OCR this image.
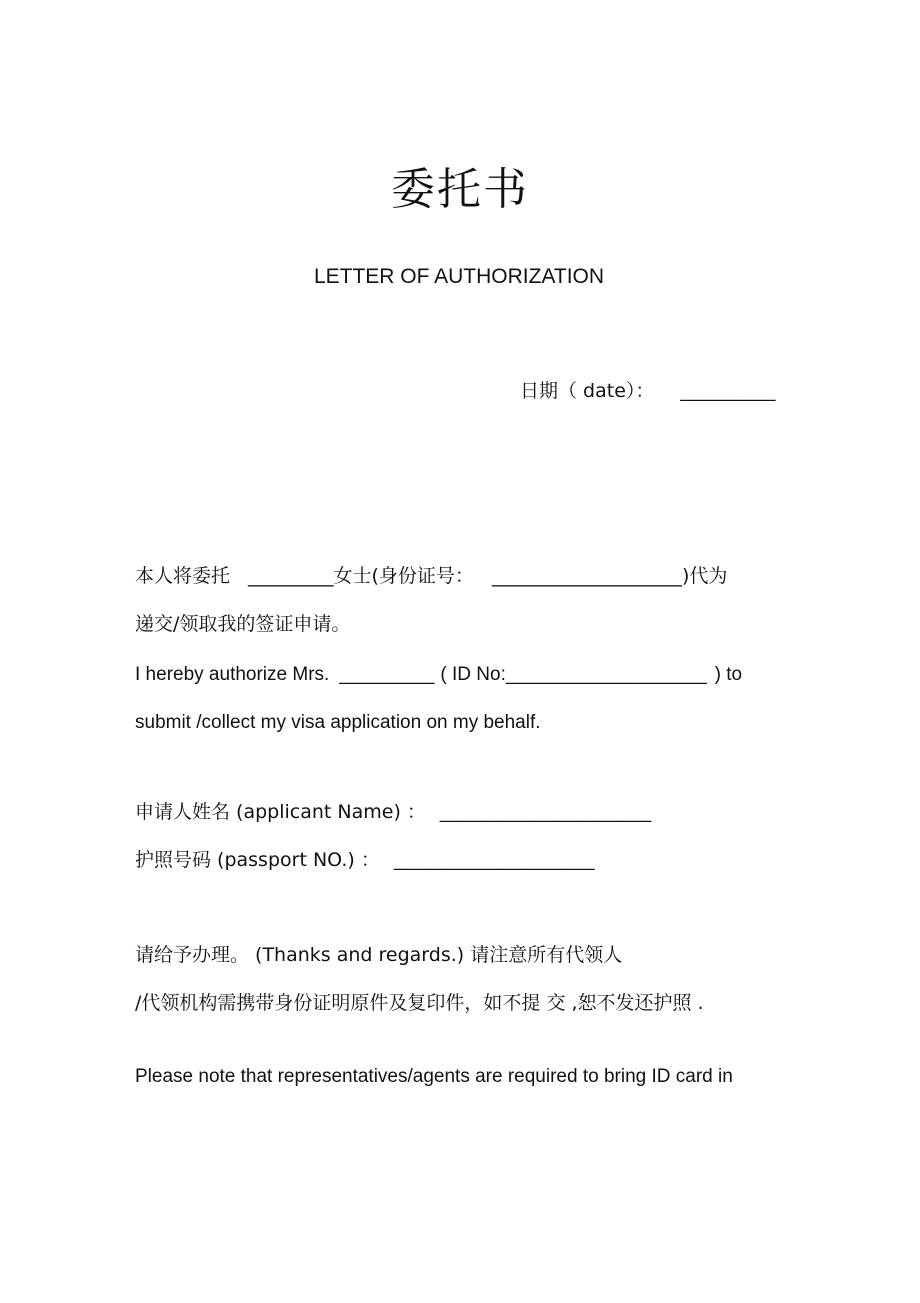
委托书
LETTER OF AUTHORIZATION
日期（ date）： _________
本人将委托 _________女士(身份证号： ____________________)代为
递交/领取我的签证申请。
I hereby authorize Mrs. _________ ( ID No:___________________ ) to
submit /collect my visa application on my behalf.
申请人姓名 (applicant Name) ： ____________________
护照号码 (passport NO.) ： ___________________
请给予办理。 (Thanks and regards.) 请注意所有代领人
/代领机构需携带身份证明原件及复印件，如不提 交 ,恕不发还护照 .
Please note that representatives/agents are required to bring ID card in
